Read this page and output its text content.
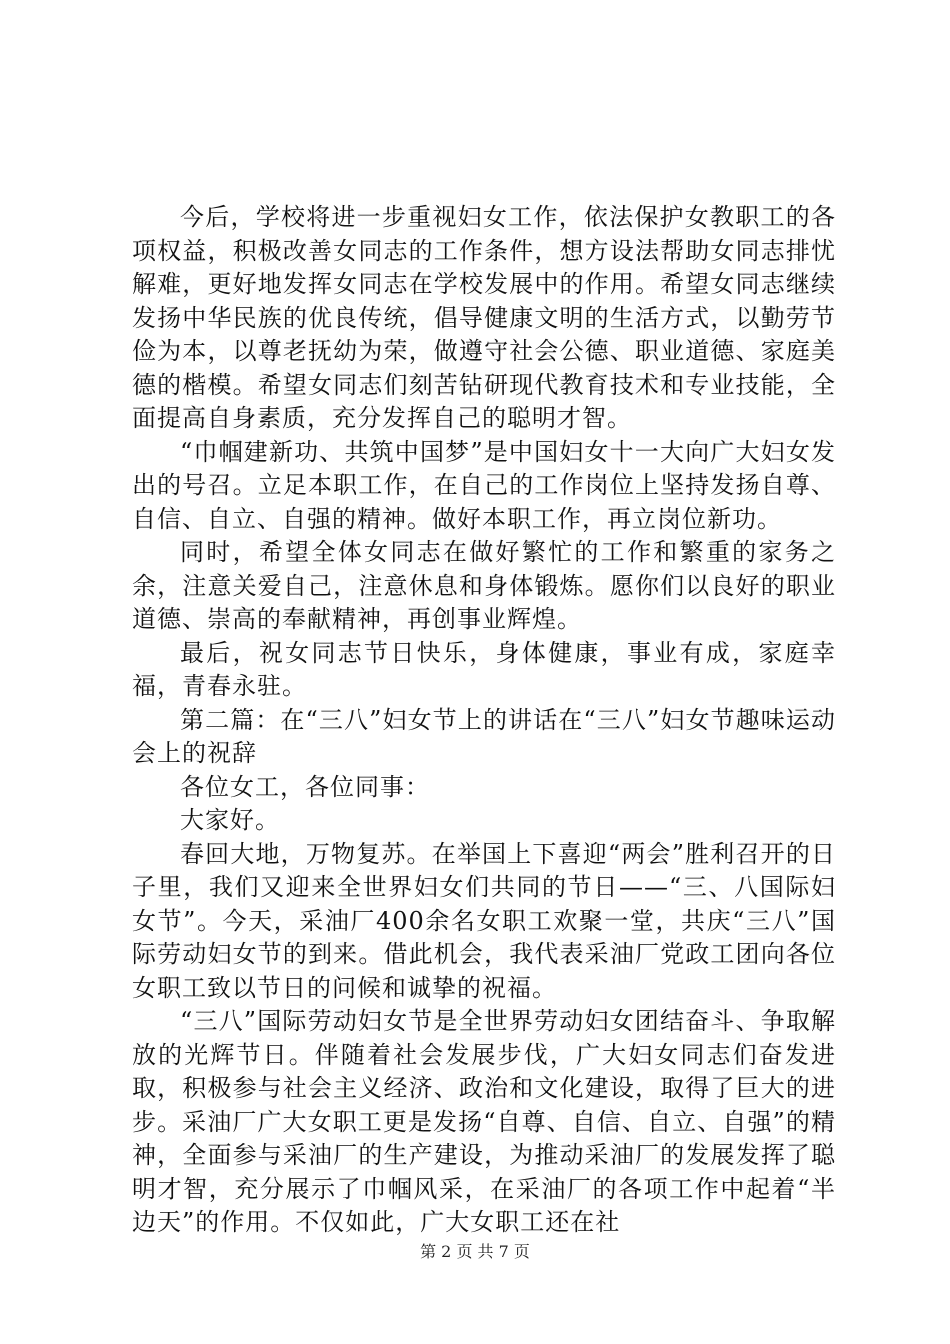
今后，学校将进一步重视妇女工作，依法保护女教职工的各项权益，积极改善女同志的工作条件，想方设法帮助女同志排忧解难，更好地发挥女同志在学校发展中的作用。希望女同志继续发扬中华民族的优良传统，倡导健康文明的生活方式，以勤劳节俭为本，以尊老抚幼为荣，做遵守社会公德、职业道德、家庭美德的楷模。希望女同志们刻苦钻研现代教育技术和专业技能，全面提高自身素质，充分发挥自己的聪明才智。

“巾帼建新功、共筑中国梦”是中国妇女十一大向广大妇女发出的号召。立足本职工作，在自己的工作岗位上坚持发扬自尊、自信、自立、自强的精神。做好本职工作，再立岗位新功。

同时，希望全体女同志在做好繁忙的工作和繁重的家务之余，注意关爱自己，注意休息和身体锻炼。愿你们以良好的职业道德、崇高的奉献精神，再创事业辉煌。

最后，祝女同志节日快乐，身体健康，事业有成，家庭幸福，青春永驻。

第二篇：在“三八”妇女节上的讲话在“三八”妇女节趣味运动会上的祝辞

各位女工，各位同事：

大家好。

春回大地，万物复苏。在举国上下喜迎“两会”胜利召开的日子里，我们又迎来全世界妇女们共同的节日——“三、八国际妇女节”。今天，采油厂400余名女职工欢聚一堂，共庆“三八”国际劳动妇女节的到来。借此机会，我代表采油厂党政工团向各位女职工致以节日的问候和诚挚的祝福。

“三八”国际劳动妇女节是全世界劳动妇女团结奋斗、争取解放的光辉节日。伴随着社会发展步伐，广大妇女同志们奋发进取，积极参与社会主义经济、政治和文化建设，取得了巨大的进步。采油厂广大女职工更是发扬“自尊、自信、自立、自强”的精神，全面参与采油厂的生产建设，为推动采油厂的发展发挥了聪明才智，充分展示了巾帼风采，在采油厂的各项工作中起着“半边天”的作用。不仅如此，广大女职工还在社

第 2 页 共 7 页
